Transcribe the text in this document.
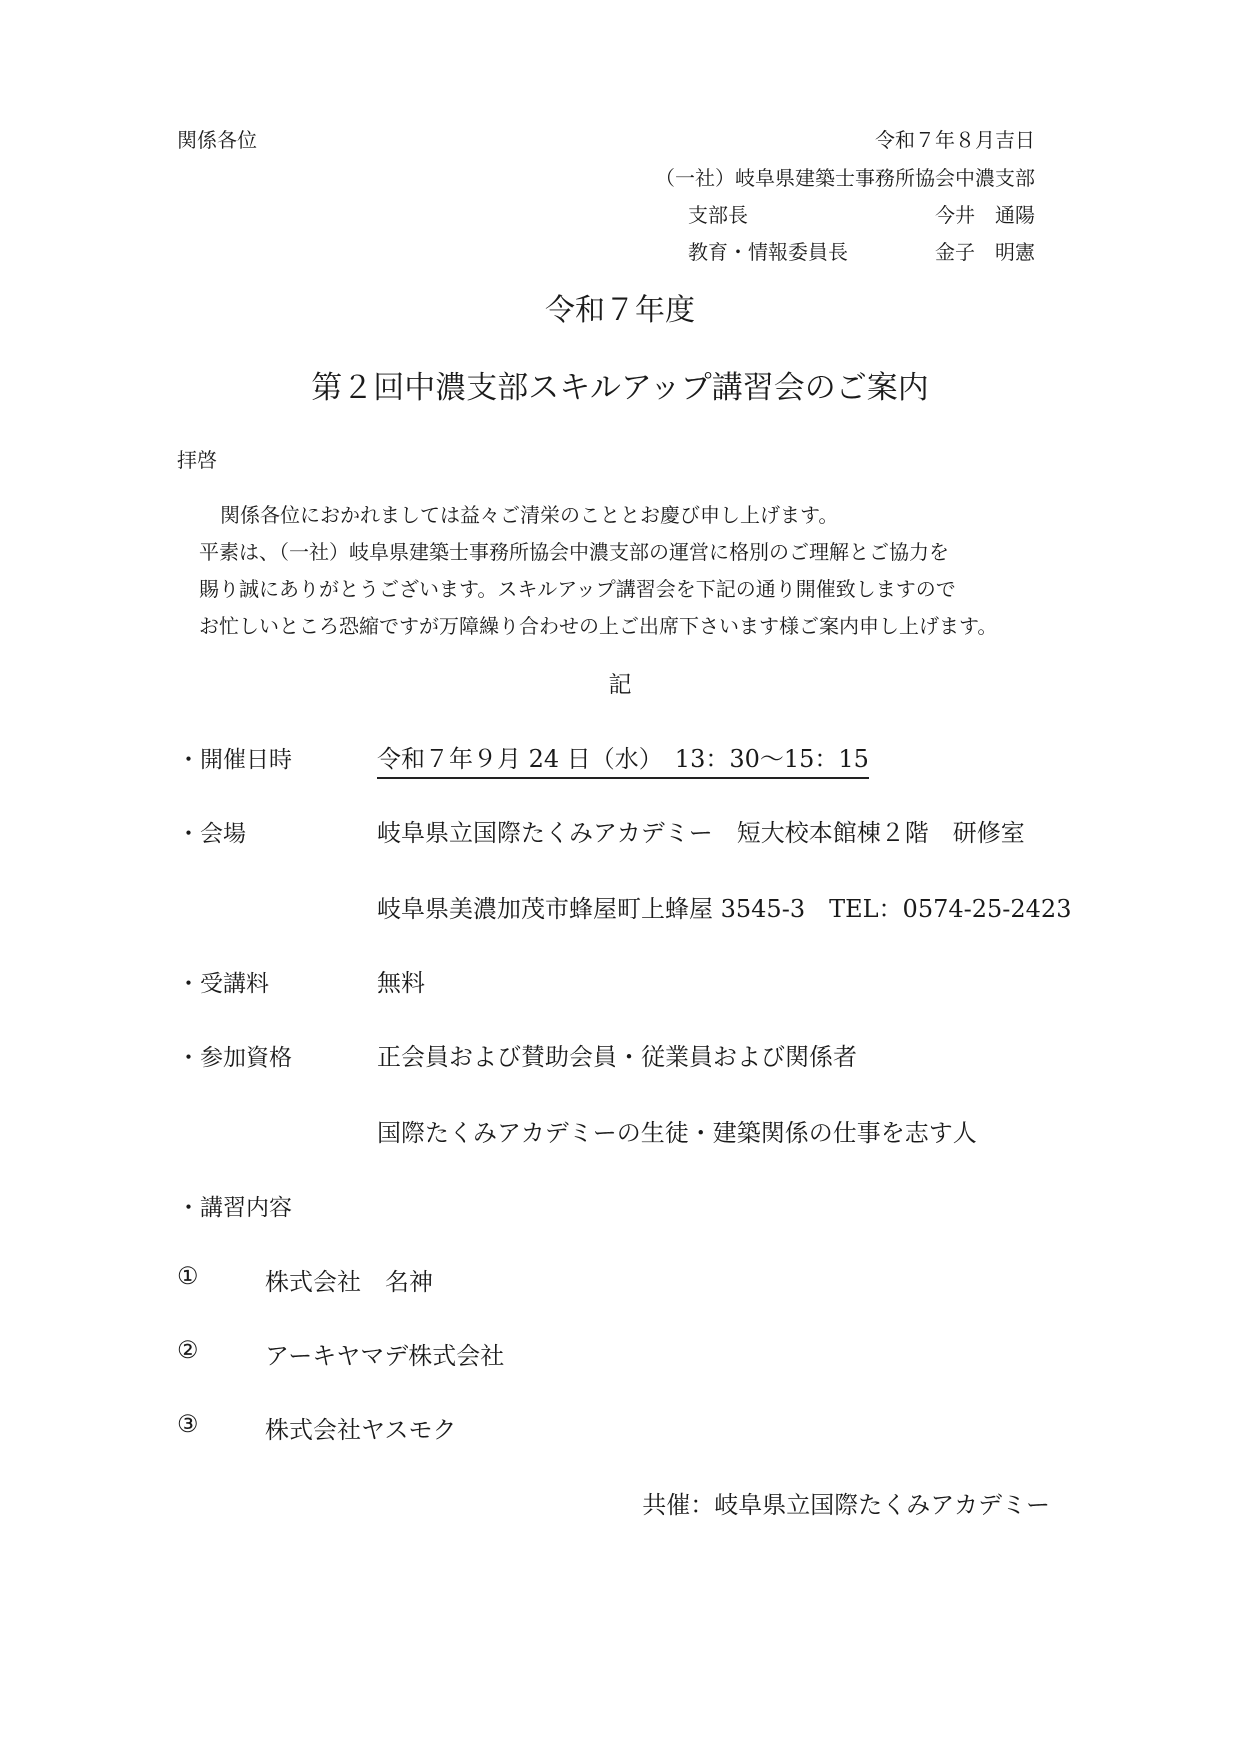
関係各位	令和７年８月吉日
（一社）岐阜県建築士事務所協会中濃支部
支部長	今井　通陽
教育・情報委員長	金子　明憲
令和７年度
第２回中濃支部スキルアップ講習会のご案内
拝啓
関係各位におかれましては益々ご清栄のこととお慶び申し上げます。
平素は、（一社）岐阜県建築士事務所協会中濃支部の運営に格別のご理解とご協力を
賜り誠にありがとうございます。スキルアップ講習会を下記の通り開催致しますので
お忙しいところ恐縮ですが万障繰り合わせの上ご出席下さいます様ご案内申し上げます。
記
・開催日時	令和７年９月 24 日（水）　13：30〜15：15
・会場	岐阜県立国際たくみアカデミー　短大校本館棟２階　研修室
岐阜県美濃加茂市蜂屋町上蜂屋 3545-3　TEL：0574-25-2423
・受講料	無料
・参加資格	正会員および賛助会員・従業員および関係者
国際たくみアカデミーの生徒・建築関係の仕事を志す人
・講習内容
①	株式会社　名神
②	アーキヤマデ株式会社
③	株式会社ヤスモク
共催：岐阜県立国際たくみアカデミー
